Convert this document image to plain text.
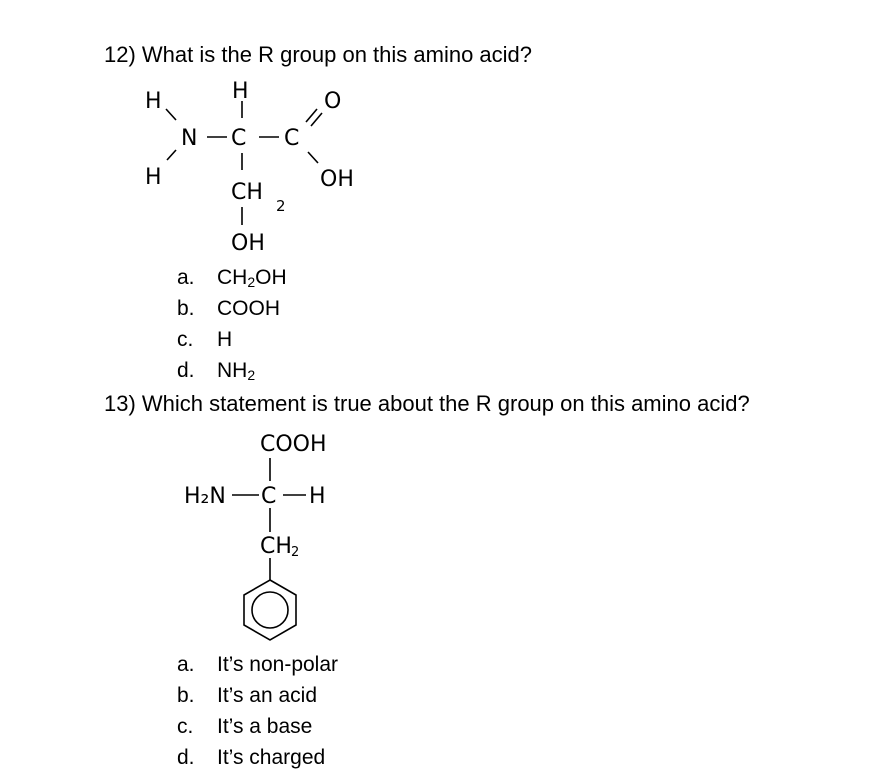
12) What is the R group on this amino acid?
H
H
H
N C C
O
OH
CH
2
OH
a. $CH_2OH$
b. COOH
c. H
d. $NH_2$
13) Which statement is true about the R group on this amino acid?
COOH
H₂N C H
CH 2
a. It’s non-polar
b. It’s an acid
c. It’s a base
d. It’s charged
